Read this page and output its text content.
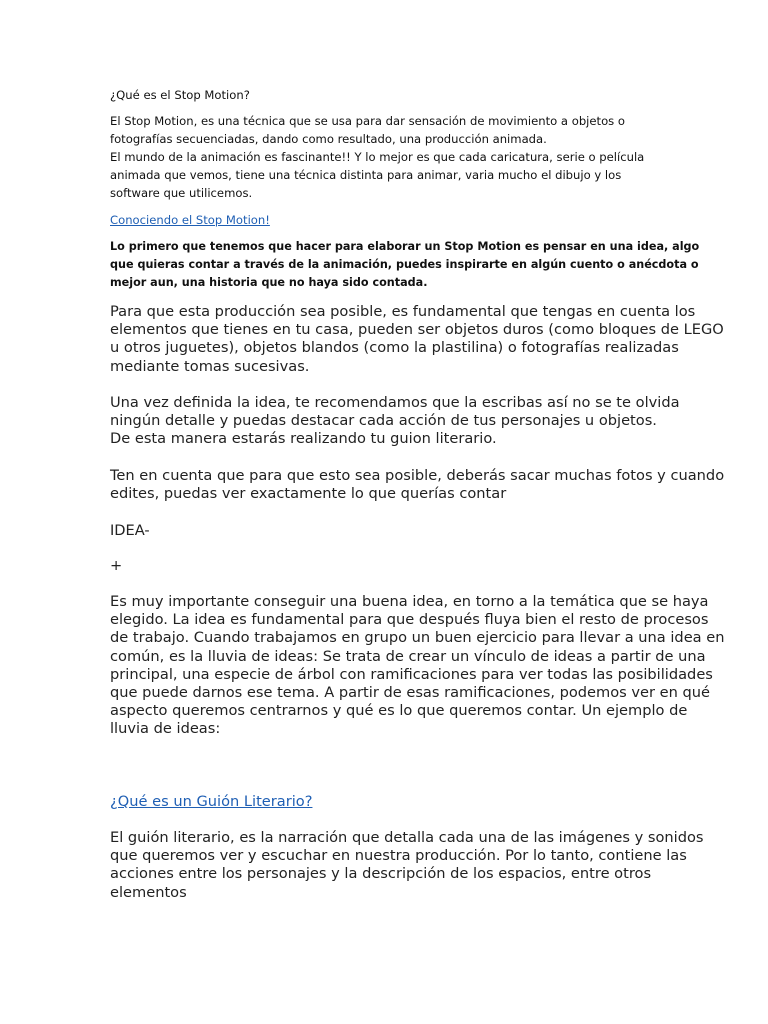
¿Qué es el Stop Motion?

El Stop Motion, es una técnica que se usa para dar sensación de movimiento a objetos o
fotografías secuenciadas, dando como resultado, una producción animada.
El mundo de la animación es fascinante!! Y lo mejor es que cada caricatura, serie o película
animada que vemos, tiene una técnica distinta para animar, varia mucho el dibujo y los
software que utilicemos.
Conociendo el Stop Motion!
Lo primero que tenemos que hacer para elaborar un Stop Motion es pensar en una idea, algo
que quieras contar a través de la animación, puedes inspirarte en algún cuento o anécdota o
mejor aun, una historia que no haya sido contada.
Para que esta producción sea posible, es fundamental que tengas en cuenta los
elementos que tienes en tu casa, pueden ser objetos duros (como bloques de LEGO
u otros juguetes), objetos blandos (como la plastilina) o fotografías realizadas
mediante tomas sucesivas.
Una vez definida la idea, te recomendamos que la escribas así no se te olvida
ningún detalle y puedas destacar cada acción de tus personajes u objetos.
De esta manera estarás realizando tu guion literario.
Ten en cuenta que para que esto sea posible, deberás sacar muchas fotos y cuando
edites, puedas ver exactamente lo que querías contar

IDEA-

+

Es muy importante conseguir una buena idea, en torno a la temática que se haya
elegido. La idea es fundamental para que después fluya bien el resto de procesos
de trabajo. Cuando trabajamos en grupo un buen ejercicio para llevar a una idea en
común, es la lluvia de ideas: Se trata de crear un vínculo de ideas a partir de una
principal, una especie de árbol con ramificaciones para ver todas las posibilidades
que puede darnos ese tema. A partir de esas ramificaciones, podemos ver en qué
aspecto queremos centrarnos y qué es lo que queremos contar. Un ejemplo de
lluvia de ideas:
¿Qué es un Guión Literario?
El guión literario, es la narración que detalla cada una de las imágenes y sonidos
que queremos ver y escuchar en nuestra producción. Por lo tanto, contiene las
acciones entre los personajes y la descripción de los espacios, entre otros
elementos
